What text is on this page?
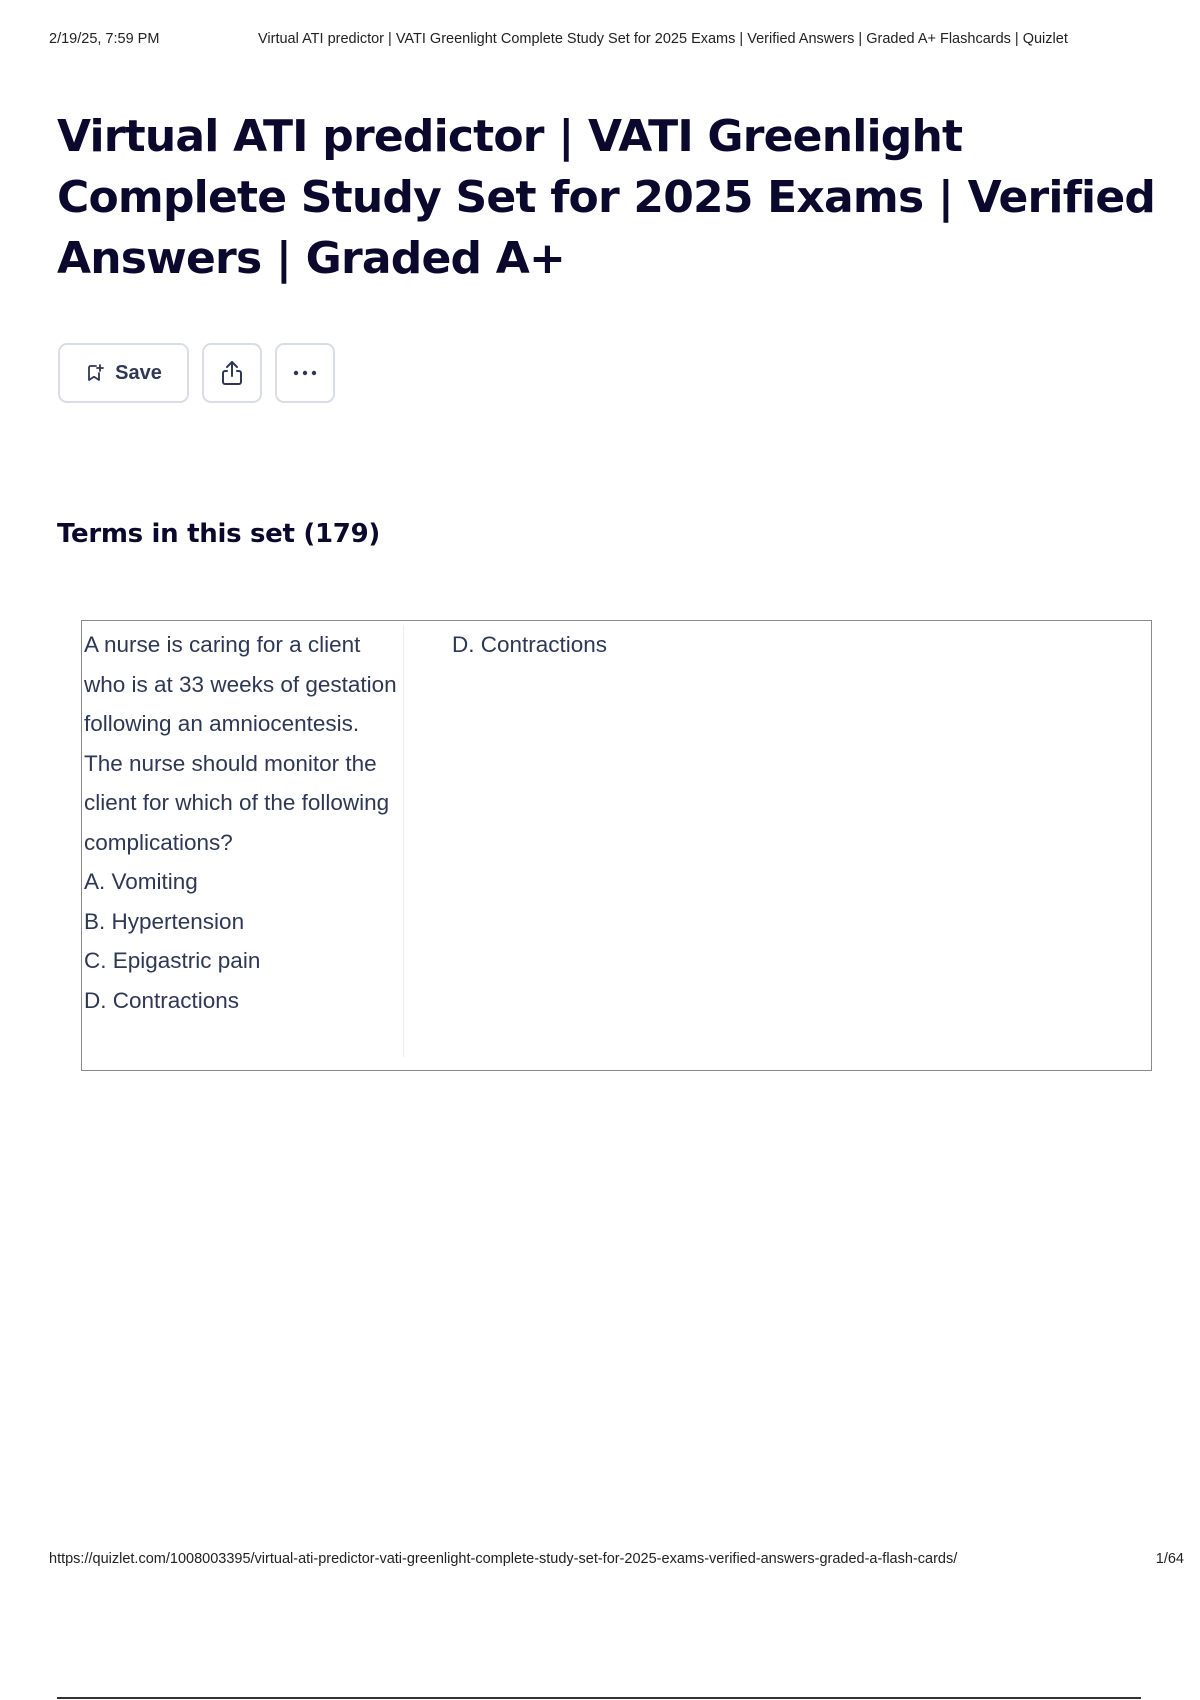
2/19/25, 7:59 PM	Virtual ATI predictor | VATI Greenlight Complete Study Set for 2025 Exams | Verified Answers | Graded A+ Flashcards | Quizlet
Virtual ATI predictor | VATI Greenlight Complete Study Set for 2025 Exams | Verified Answers | Graded A+
Save
Terms in this set (179)
A nurse is caring for a client who is at 33 weeks of gestation following an amniocentesis. The nurse should monitor the client for which of the following complications?
A. Vomiting
B. Hypertension
C. Epigastric pain
D. Contractions
D. Contractions
https://quizlet.com/1008003395/virtual-ati-predictor-vati-greenlight-complete-study-set-for-2025-exams-verified-answers-graded-a-flash-cards/	1/64
